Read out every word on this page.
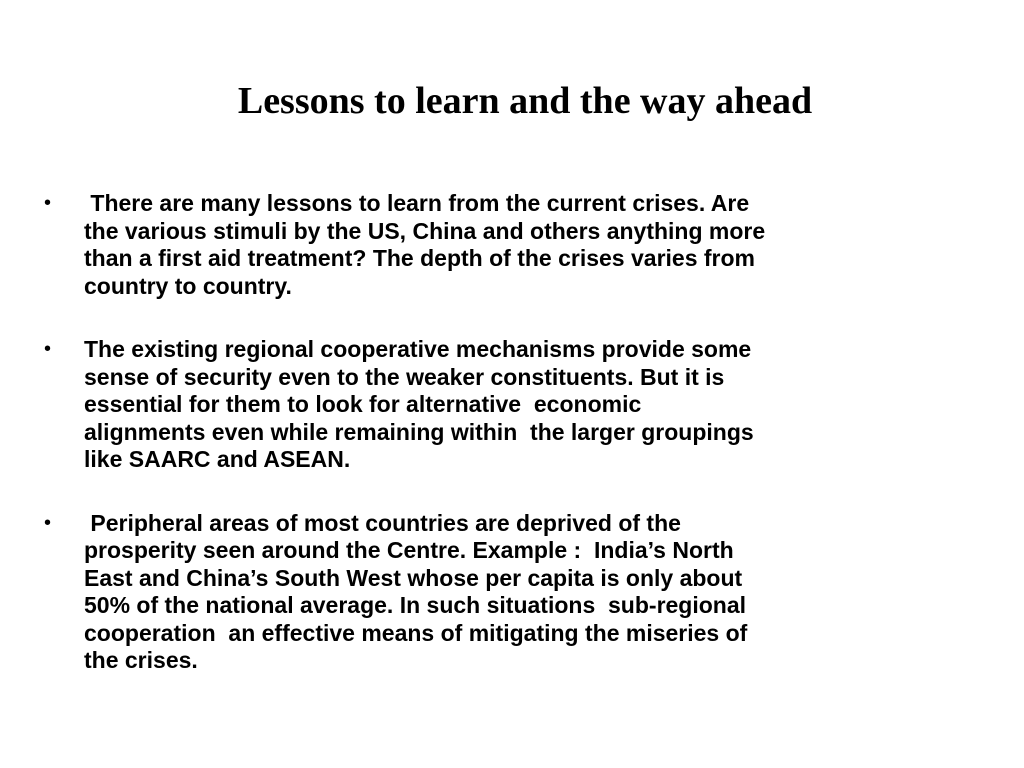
Lessons to learn and the way ahead
• There are many lessons to learn from the current crises. Are
the various stimuli by the US, China and others anything more
than a first aid treatment? The depth of the crises varies from
country to country.
• The existing regional cooperative mechanisms provide some
sense of security even to the weaker constituents. But it is
essential for them to look for alternative  economic
alignments even while remaining within  the larger groupings
like SAARC and ASEAN.
• Peripheral areas of most countries are deprived of the
prosperity seen around the Centre. Example :  India’s North
East and China’s South West whose per capita is only about
50% of the national average. In such situations  sub-regional
cooperation  an effective means of mitigating the miseries of
the crises.
